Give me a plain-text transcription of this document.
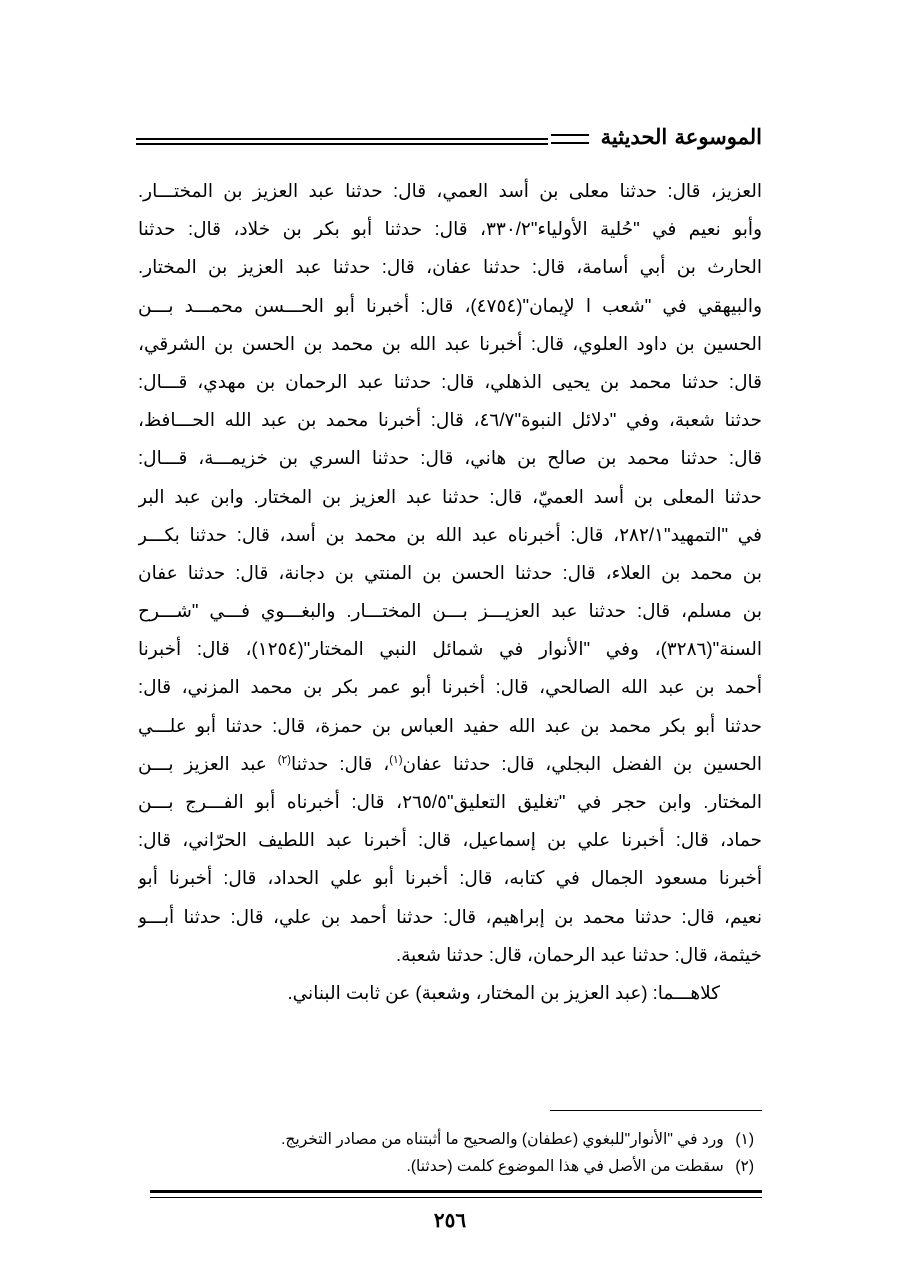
الموسوعة الحديثية
العزيز، قال: حدثنا معلى بن أسد العمي، قال: حدثنا عبد العزيز بن المختـــار.
وأبو نعيم في "حُلية الأولياء"٣٣٠/٢، قال: حدثنا أبو بكر بن خلاد، قال: حدثنا
الحارث بن أبي أسامة، قال: حدثنا عفان، قال: حدثنا عبد العزيز بن المختار.
والبيهقي في "شعب ا لإيمان"(٤٧٥٤)، قال: أخبرنا أبو الحـــسن محمـــد بـــن
الحسين بن داود العلوي، قال: أخبرنا عبد الله بن محمد بن الحسن بن الشرقي،
قال: حدثنا محمد بن يحيى الذهلي، قال: حدثنا عبد الرحمان بن مهدي، قـــال:
حدثنا شعبة، وفي "دلائل النبوة"٤٦/٧، قال: أخبرنا محمد بن عبد الله الحـــافظ،
قال: حدثنا محمد بن صالح بن هاني، قال: حدثنا السري بن خزيمـــة، قـــال:
حدثنا المعلى بن أسد العميّ، قال: حدثنا عبد العزيز بن المختار. وابن عبد البر
في "التمهيد"٢٨٢/١، قال: أخبرناه عبد الله بن محمد بن أسد، قال: حدثنا بكـــر
بن محمد بن العلاء، قال: حدثنا الحسن بن المنتي بن دجانة، قال: حدثنا عفان
بن مسلم، قال: حدثنا عبد العزيـــز بـــن المختـــار. والبغـــوي فـــي "شـــرح
السنة"(٣٢٨٦)، وفي "الأنوار في شمائل النبي المختار"(١٢٥٤)، قال: أخبرنا
أحمد بن عبد الله الصالحي، قال: أخبرنا أبو عمر بكر بن محمد المزني، قال:
حدثنا أبو بكر محمد بن عبد الله حفيد العباس بن حمزة، قال: حدثنا أبو علـــي
الحسين بن الفضل البجلي، قال: حدثنا عفان$^{(١)}$، قال: حدثنا$^{(٢)}$ عبد العزيز بـــن
المختار. وابن حجر في "تغليق التعليق"٢٦٥/٥، قال: أخبرناه أبو الفـــرج بـــن
حماد، قال: أخبرنا علي بن إسماعيل، قال: أخبرنا عبد اللطيف الحرّاني، قال:
أخبرنا مسعود الجمال في كتابه، قال: أخبرنا أبو علي الحداد، قال: أخبرنا أبو
نعيم، قال: حدثنا محمد بن إبراهيم، قال: حدثنا أحمد بن علي، قال: حدثنا أبـــو
خيثمة، قال: حدثنا عبد الرحمان، قال: حدثنا شعبة.
كلاهـــما: (عبد العزيز بن المختار، وشعبة) عن ثابت البناني.
(١) ورد في "الأنوار"للبغوي (عطفان) والصحيح ما أثبتناه من مصادر التخريج.
(٢) سقطت من الأصل في هذا الموضوع كلمت (حدثنا).
٢٥٦
